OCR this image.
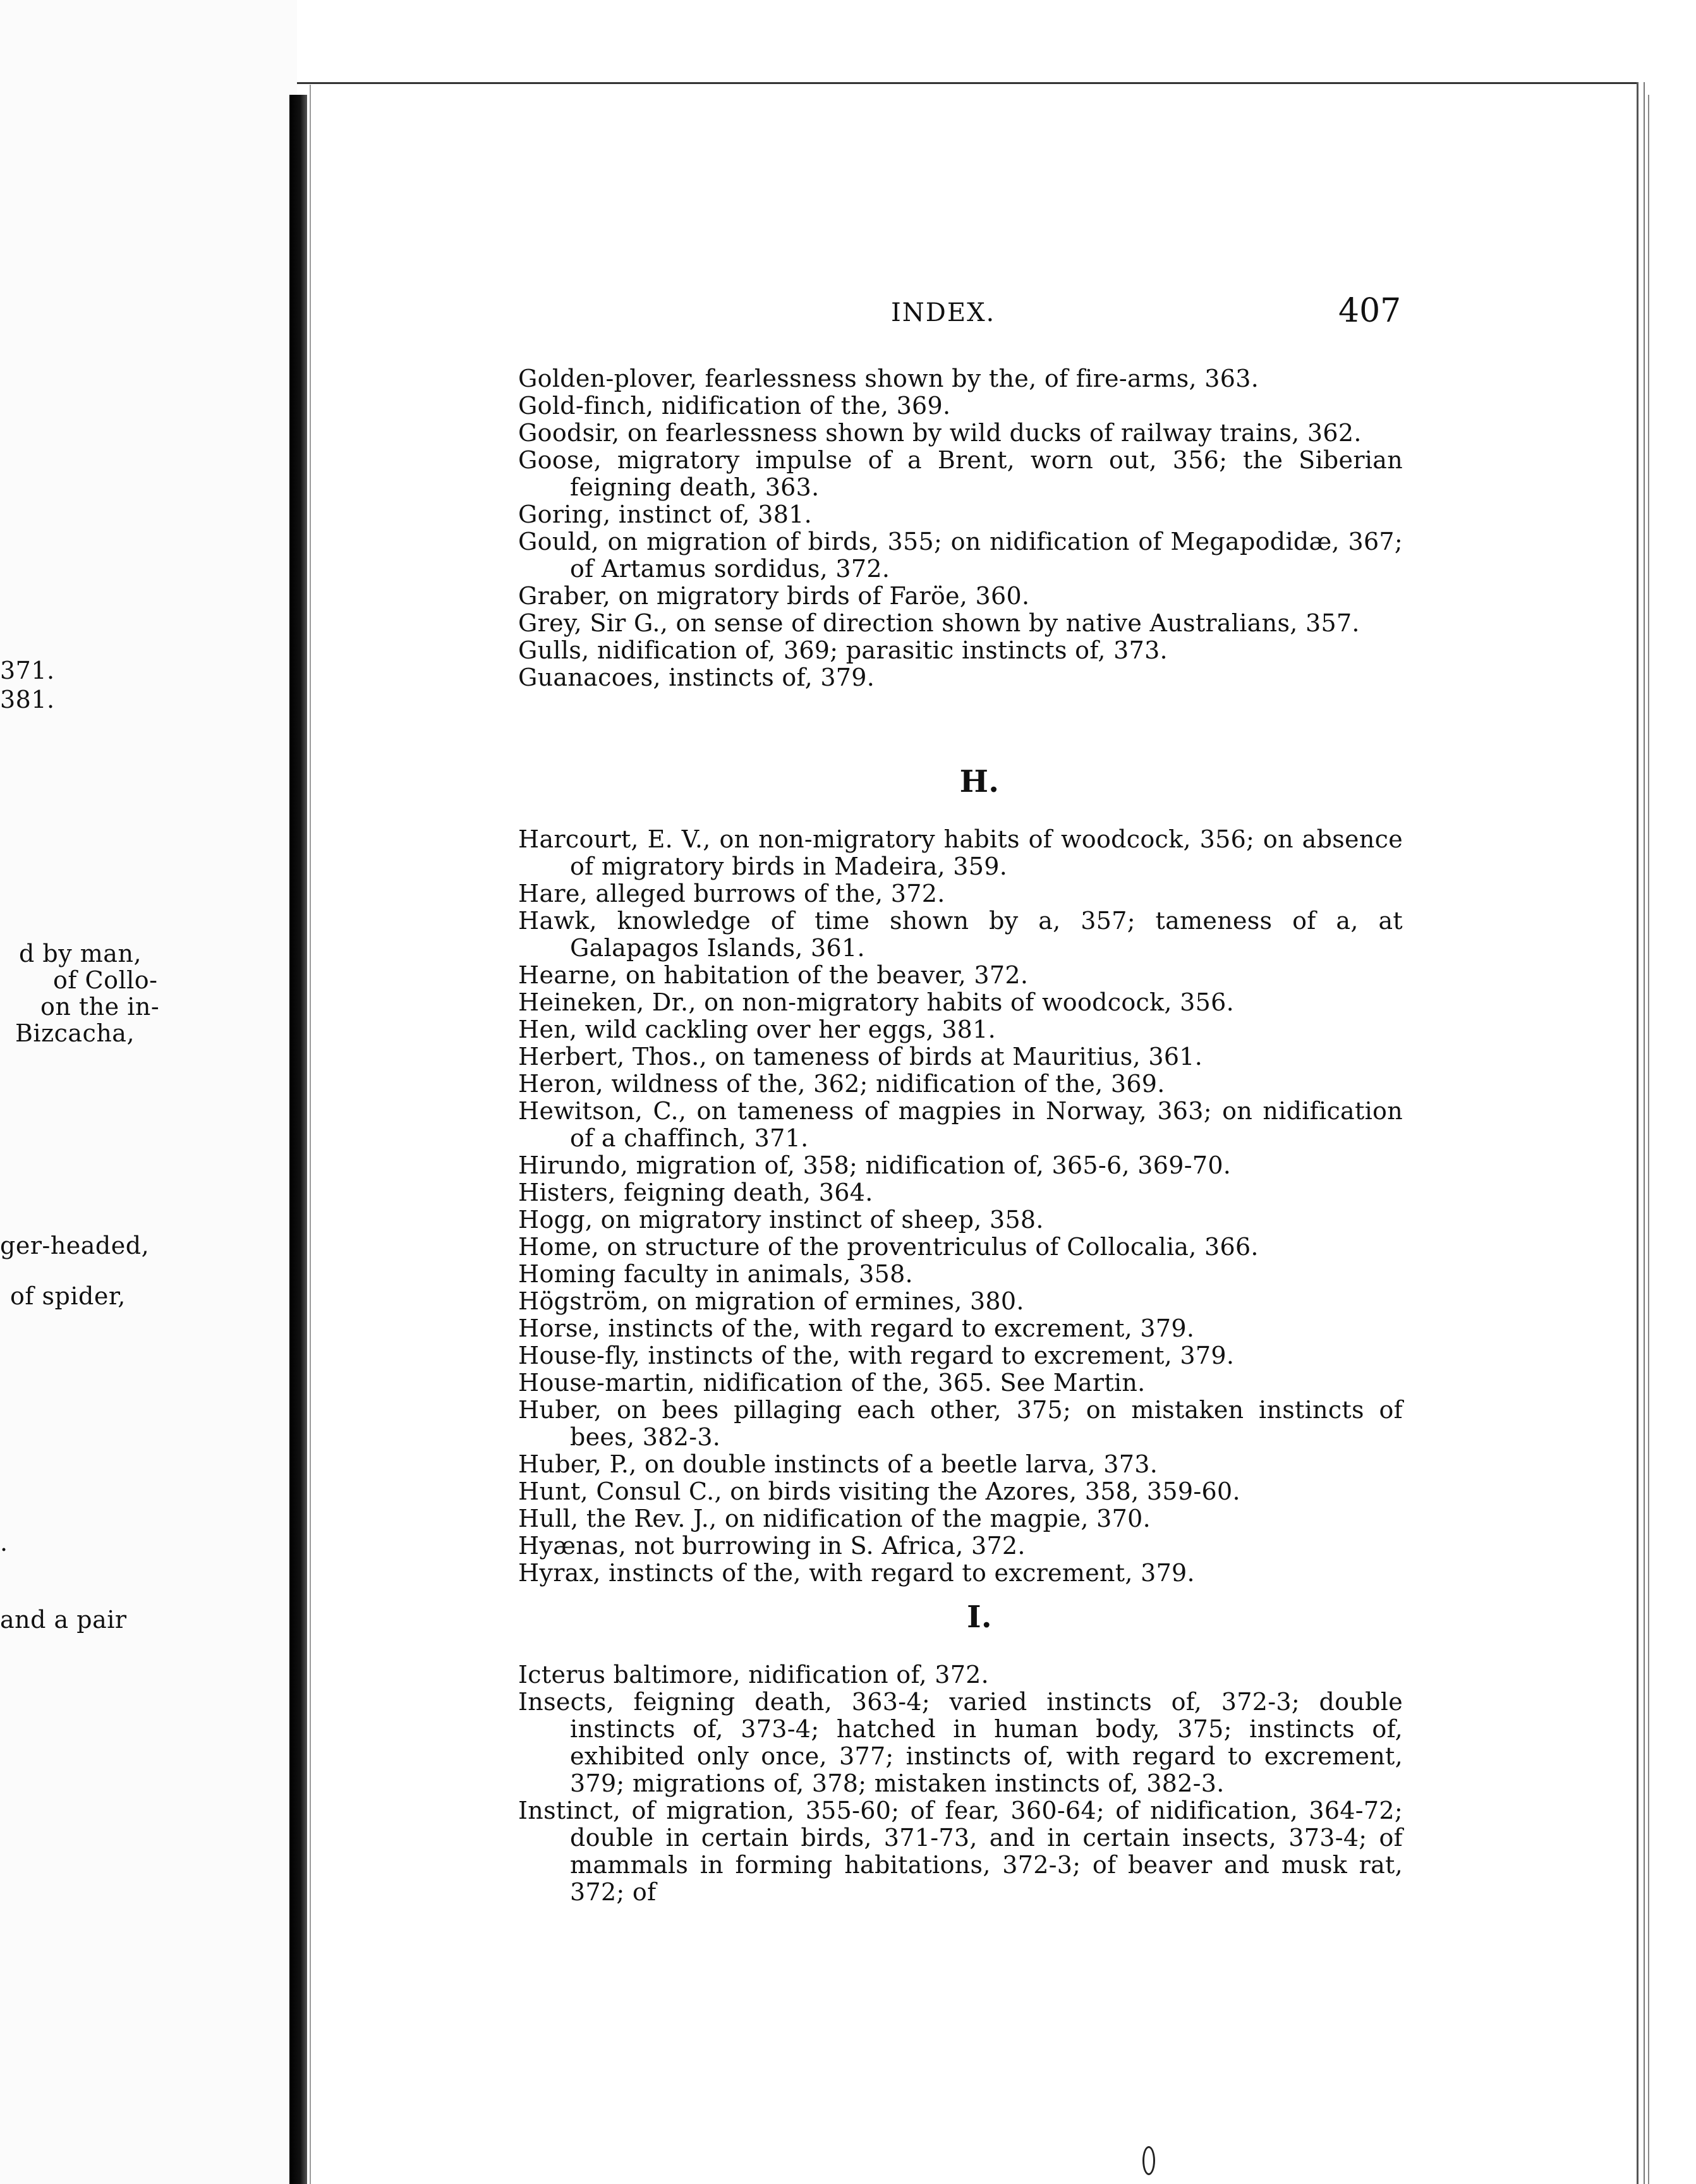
371.
381.
d by man,
of Collo-
on the in-
Bizcacha,
ger-headed,
of spider,
.
and a pair
INDEX.	407
Golden-plover, fearlessness shown by the, of fire-arms, 363.
Gold-finch, nidification of the, 369.
Goodsir, on fearlessness shown by wild ducks of railway trains, 362.
Goose, migratory impulse of a Brent, worn out, 356; the Siberian feigning death, 363.
Goring, instinct of, 381.
Gould, on migration of birds, 355; on nidification of Megapodidæ, 367; of Artamus sordidus, 372.
Graber, on migratory birds of Faröe, 360.
Grey, Sir G., on sense of direction shown by native Australians, 357.
Gulls, nidification of, 369; parasitic instincts of, 373.
Guanacoes, instincts of, 379.
H.
Harcourt, E. V., on non-migratory habits of woodcock, 356; on absence of migratory birds in Madeira, 359.
Hare, alleged burrows of the, 372.
Hawk, knowledge of time shown by a, 357; tameness of a, at Galapagos Islands, 361.
Hearne, on habitation of the beaver, 372.
Heineken, Dr., on non-migratory habits of woodcock, 356.
Hen, wild cackling over her eggs, 381.
Herbert, Thos., on tameness of birds at Mauritius, 361.
Heron, wildness of the, 362; nidification of the, 369.
Hewitson, C., on tameness of magpies in Norway, 363; on nidification of a chaffinch, 371.
Hirundo, migration of, 358; nidification of, 365-6, 369-70.
Histers, feigning death, 364.
Hogg, on migratory instinct of sheep, 358.
Home, on structure of the proventriculus of Collocalia, 366.
Homing faculty in animals, 358.
Högström, on migration of ermines, 380.
Horse, instincts of the, with regard to excrement, 379.
House-fly, instincts of the, with regard to excrement, 379.
House-martin, nidification of the, 365. See Martin.
Huber, on bees pillaging each other, 375; on mistaken instincts of bees, 382-3.
Huber, P., on double instincts of a beetle larva, 373.
Hunt, Consul C., on birds visiting the Azores, 358, 359-60.
Hull, the Rev. J., on nidification of the magpie, 370.
Hyænas, not burrowing in S. Africa, 372.
Hyrax, instincts of the, with regard to excrement, 379.
I.
Icterus baltimore, nidification of, 372.
Insects, feigning death, 363-4; varied instincts of, 372-3; double instincts of, 373-4; hatched in human body, 375; instincts of, exhibited only once, 377; instincts of, with regard to excrement, 379; migrations of, 378; mistaken instincts of, 382-3.
Instinct, of migration, 355-60; of fear, 360-64; of nidification, 364-72; double in certain birds, 371-73, and in certain insects, 373-4; of mammals in forming habitations, 372-3; of beaver and musk rat, 372; of
